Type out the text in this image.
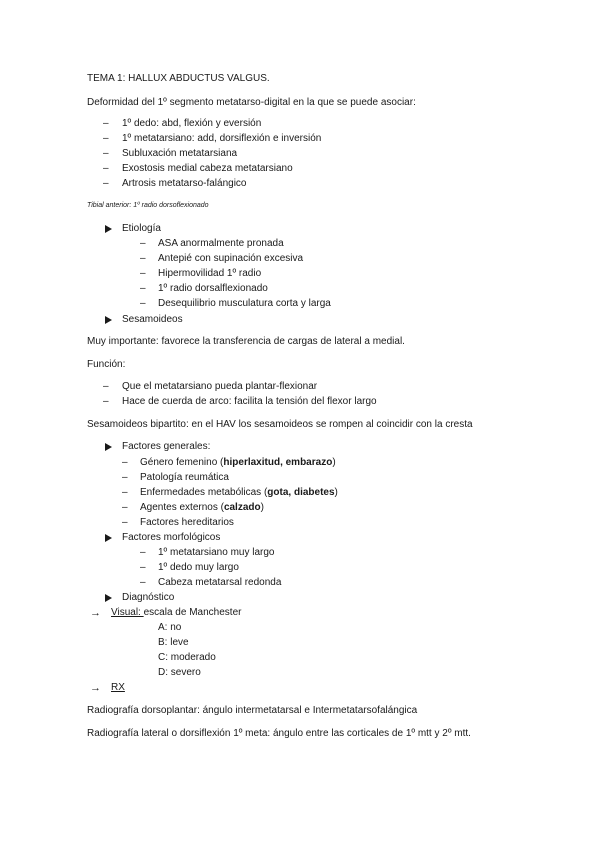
TEMA 1: HALLUX ABDUCTUS VALGUS.
Deformidad del 1º segmento metatarso-digital en la que se puede asociar:
– 1º dedo: abd, flexión y eversión
– 1º metatarsiano: add, dorsiflexión e inversión
– Subluxación metatarsiana
– Exostosis medial cabeza metatarsiano
– Artrosis metatarso-falángico
Tibial anterior: 1º radio dorsoflexionado
Etiología
– ASA anormalmente pronada
– Antepié con supinación excesiva
– Hipermovilidad 1º radio
– 1º radio dorsalflexionado
– Desequilibrio musculatura corta y larga
Sesamoideos
Muy importante: favorece la transferencia de cargas de lateral a medial.
Función:
– Que el metatarsiano pueda plantar-flexionar
– Hace de cuerda de arco: facilita la tensión del flexor largo
Sesamoideos bipartito: en el HAV los sesamoideos se rompen al coincidir con la cresta
Factores generales:
– Género femenino (hiperlaxitud, embarazo)
– Patología reumática
– Enfermedades metabólicas (gota, diabetes)
– Agentes externos (calzado)
– Factores hereditarios
Factores morfológicos
– 1º metatarsiano muy largo
– 1º dedo muy largo
– Cabeza metatarsal redonda
Diagnóstico
→ Visual: escala de Manchester
A: no
B: leve
C: moderado
D: severo
→ RX
Radiografía dorsoplantar: ángulo intermetatarsal e Intermetatarsofalángica
Radiografía lateral o dorsiflexión 1º meta: ángulo entre las corticales de 1º mtt y 2º mtt.
